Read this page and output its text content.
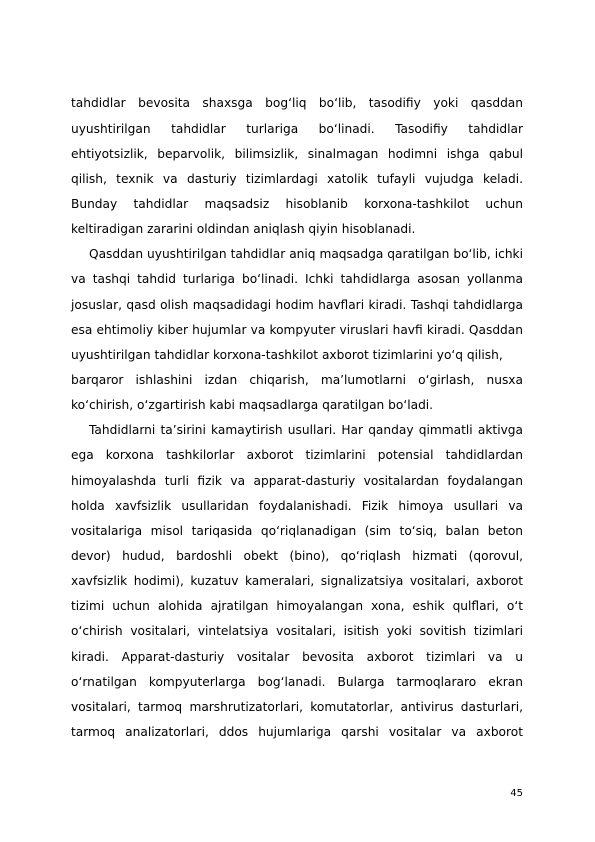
tahdidlar bevosita shaxsga bog‘liq bo‘lib, tasodifiy yoki qasddan
uyushtirilgan tahdidlar turlariga bo‘linadi. Tasodifiy tahdidlar
ehtiyotsizlik, beparvolik, bilimsizlik, sinalmagan hodimni ishga qabul
qilish, texnik va dasturiy tizimlardagi xatolik tufayli vujudga keladi.
Bunday tahdidlar maqsadsiz hisoblanib korxona-tashkilot uchun
keltiradigan zararini oldindan aniqlash qiyin hisoblanadi.
Qasddan uyushtirilgan tahdidlar aniq maqsadga qaratilgan bo‘lib, ichki
va tashqi tahdid turlariga bo‘linadi. Ichki tahdidlarga asosan yollanma
josuslar, qasd olish maqsadidagi hodim havflari kiradi. Tashqi tahdidlarga
esa ehtimoliy kiber hujumlar va kompyuter viruslari havfi kiradi. Qasddan
uyushtirilgan tahdidlar korxona-tashkilot axborot tizimlarini yo‘q qilish,
barqaror ishlashini izdan chiqarish, ma’lumotlarni o‘girlash, nusxa
ko‘chirish, o‘zgartirish kabi maqsadlarga qaratilgan bo‘ladi.
Tahdidlarni ta’sirini kamaytirish usullari. Har qanday qimmatli aktivga
ega korxona tashkilorlar axborot tizimlarini potensial tahdidlardan
himoyalashda turli fizik va apparat-dasturiy vositalardan foydalangan
holda xavfsizlik usullaridan foydalanishadi. Fizik himoya usullari va
vositalariga misol tariqasida qo‘riqlanadigan (sim to‘siq, balan beton
devor) hudud, bardoshli obekt (bino), qo‘riqlash hizmati (qorovul,
xavfsizlik hodimi), kuzatuv kameralari, signalizatsiya vositalari, axborot
tizimi uchun alohida ajratilgan himoyalangan xona, eshik qulflari, o‘t
o‘chirish vositalari, vintelatsiya vositalari, isitish yoki sovitish tizimlari
kiradi. Apparat-dasturiy vositalar bevosita axborot tizimlari va u
o‘rnatilgan kompyuterlarga bog‘lanadi. Bularga tarmoqlararo ekran
vositalari, tarmoq marshrutizatorlari, komutatorlar, antivirus dasturlari,
tarmoq analizatorlari, ddos hujumlariga qarshi vositalar va axborot
45
